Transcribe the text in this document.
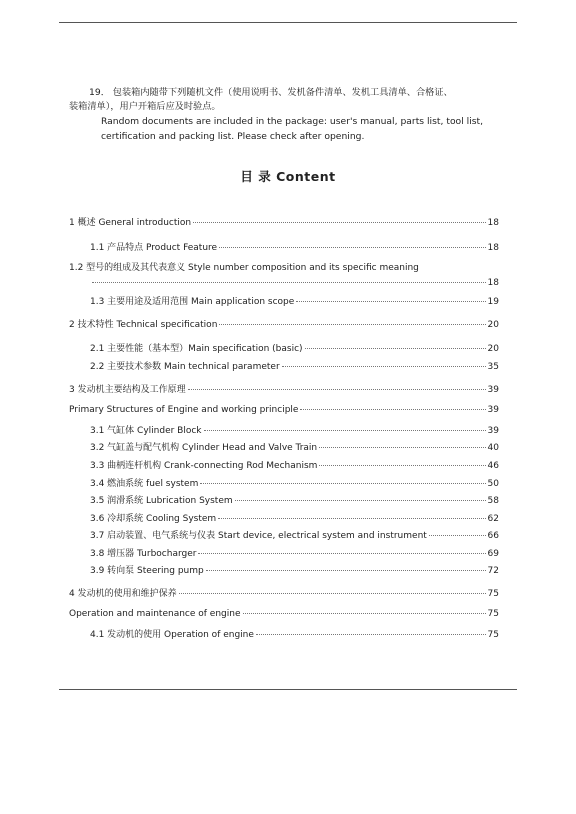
19． 包装箱内随带下列随机文件（使用说明书、发机备件清单、发机工具清单、合格证、

装箱清单），用户开箱后应及时验点。

Random documents are included in the package: user's manual, parts list, tool list,

certification and packing list. Please check after opening.

目 录 Content
1 概述 General introduction	18
1.1 产品特点 Product Feature	18
1.2 型号的组成及其代表意义 Style number composition and its specific meaning
18
1.3 主要用途及适用范围 Main application scope	19
2 技术特性 Technical specification	20
2.1 主要性能（基本型）Main specification (basic)	20
2.2 主要技术参数 Main technical parameter	35
3 发动机主要结构及工作原理	39
Primary Structures of Engine and working principle	39
3.1 气缸体 Cylinder Block	39
3.2 气缸盖与配气机构 Cylinder Head and Valve Train	40
3.3 曲柄连杆机构 Crank-connecting Rod Mechanism	46
3.4 燃油系统 fuel system	50
3.5 润滑系统 Lubrication System	58
3.6 冷却系统 Cooling System	62
3.7 启动装置、电气系统与仪表 Start device, electrical system and instrument	66
3.8 增压器 Turbocharger	69
3.9 转向泵 Steering pump	72
4 发动机的使用和维护保养	75
Operation and maintenance of engine	75
4.1 发动机的使用 Operation of engine	75
